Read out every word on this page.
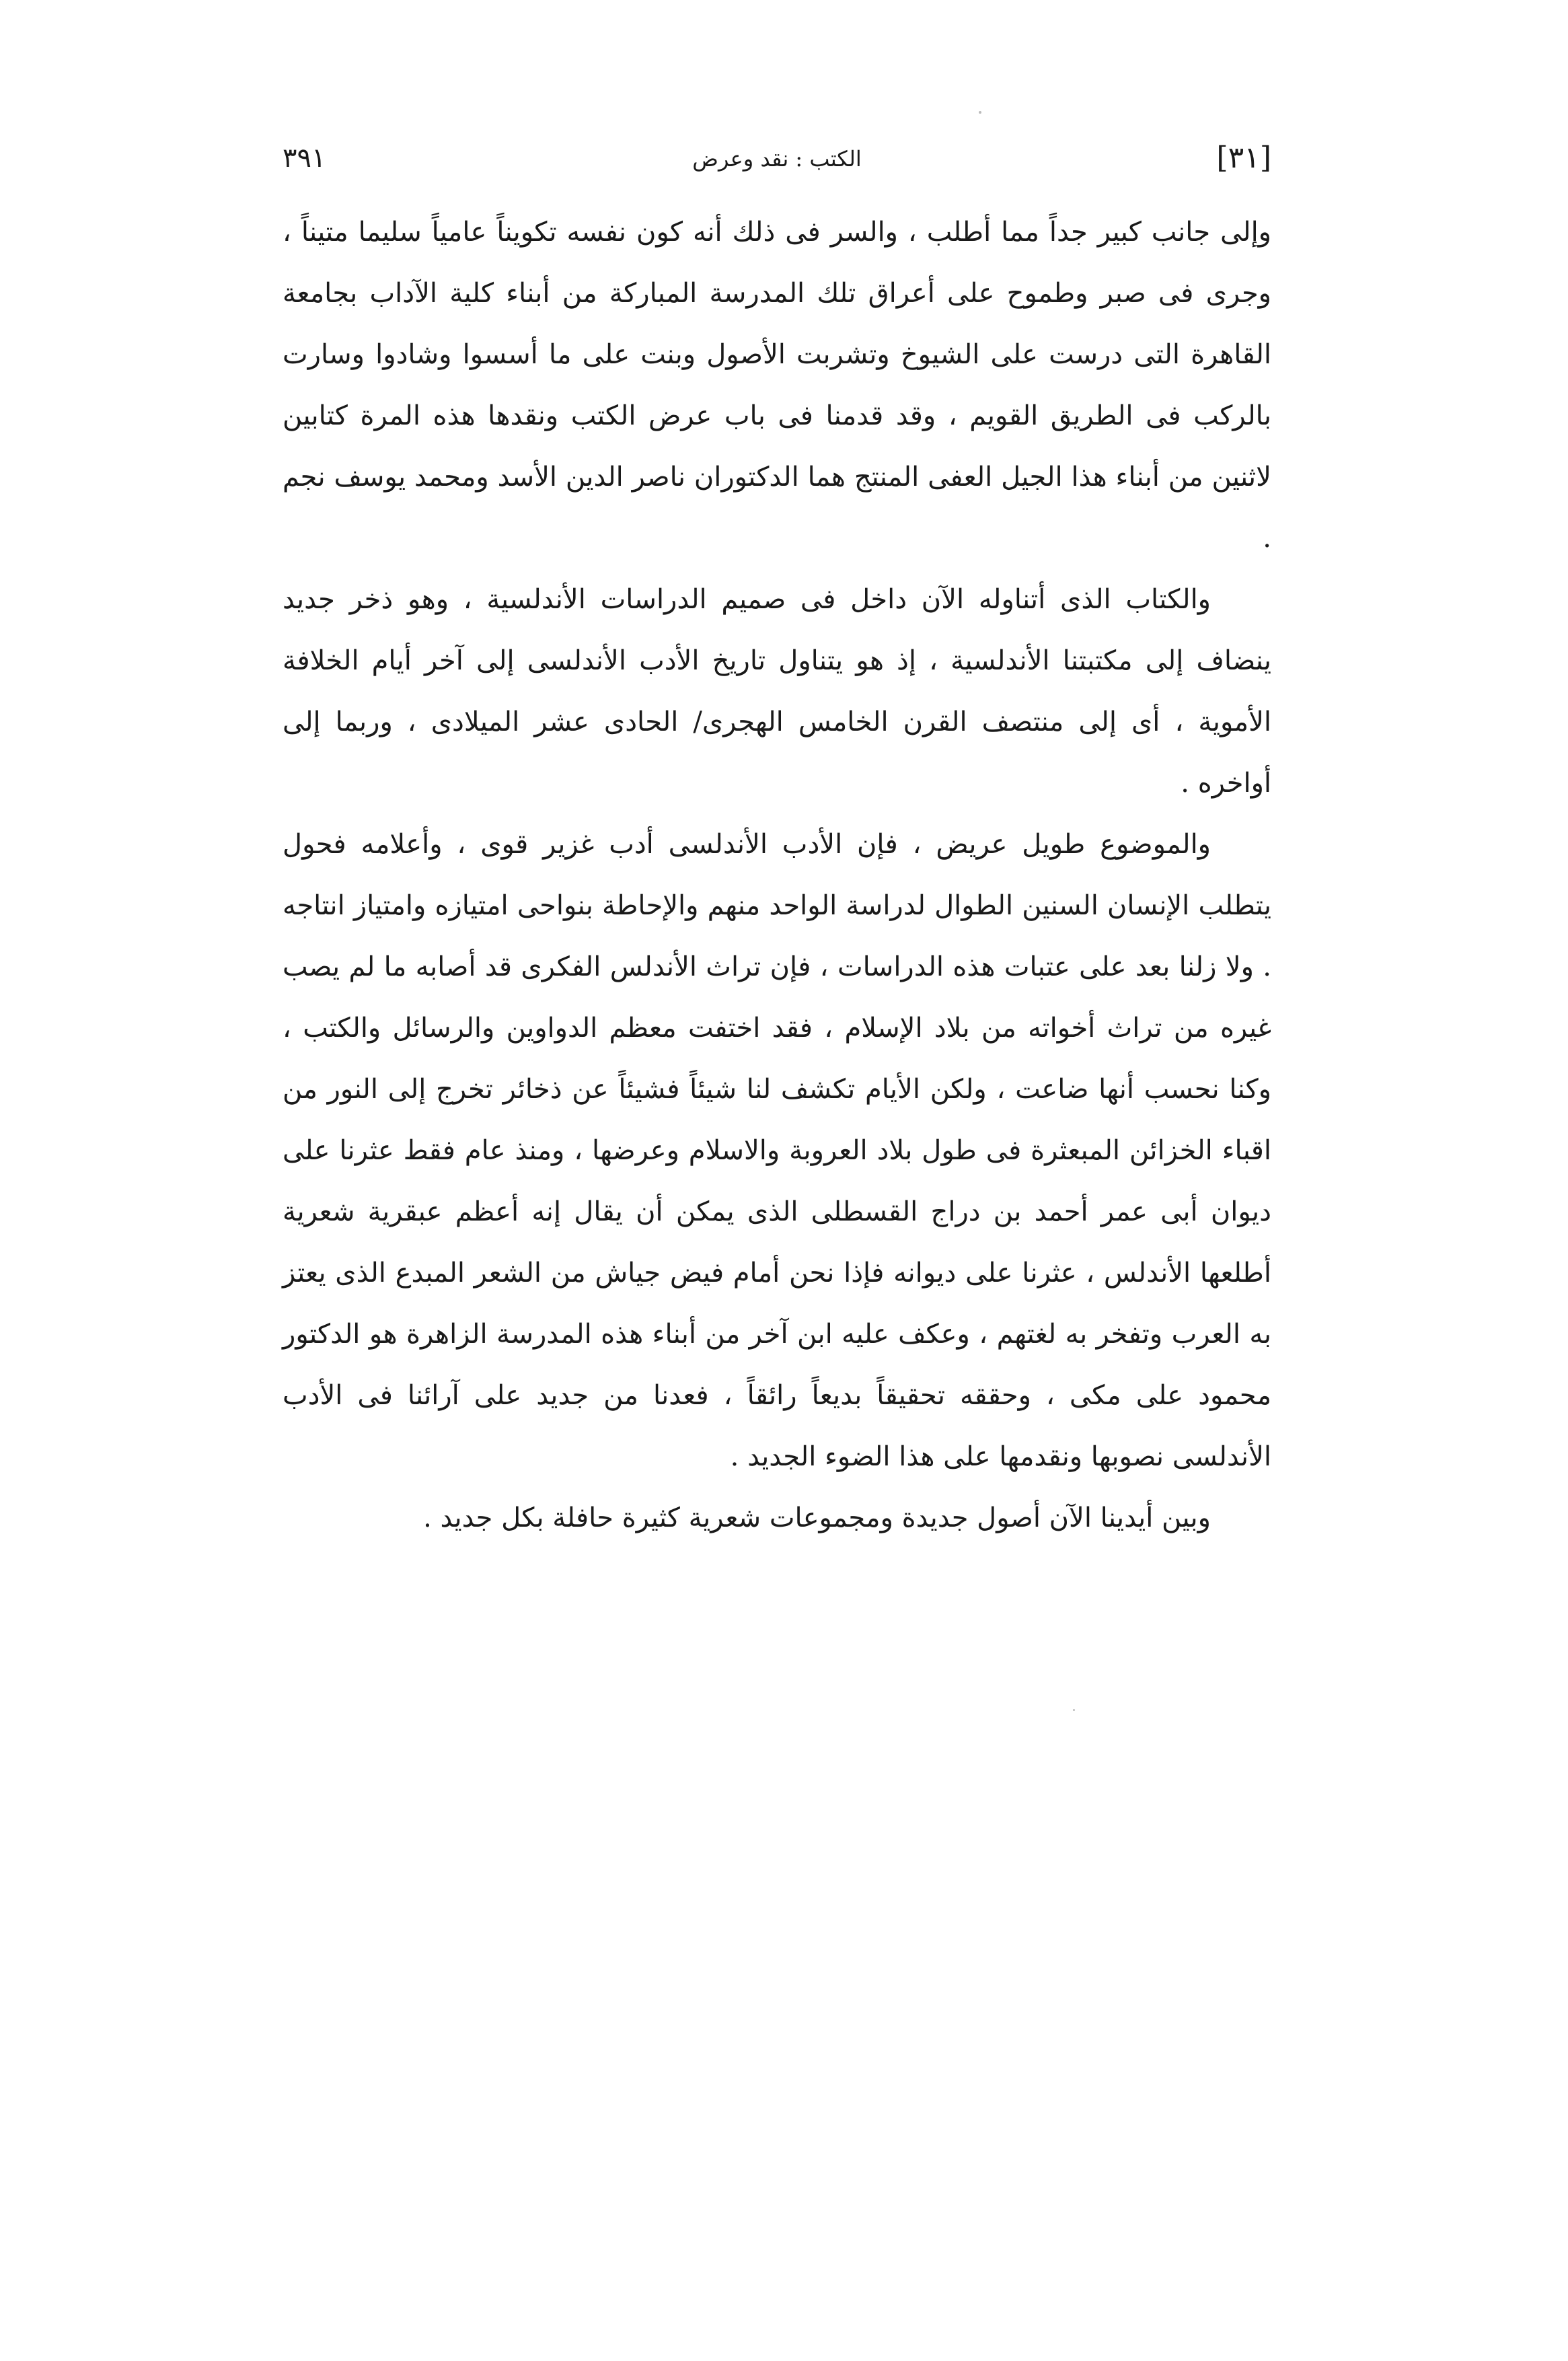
[٣١]
الكتب : نقد وعرض
٣٩١

وإلى جانب كبير جداً مما أطلب ، والسر فى ذلك أنه كون نفسه تكويناً عامياً سليما متيناً ، وجرى فى صبر وطموح على أعراق تلك المدرسة المباركة من أبناء كلية الآداب بجامعة القاهرة التى درست على الشيوخ وتشربت الأصول وبنت على ما أسسوا وشادوا وسارت بالركب فى الطريق القويم ، وقد قدمنا فى باب عرض الكتب ونقدها هذه المرة كتابين لاثنين من أبناء هذا الجيل العفى المنتج هما الدكتوران ناصر الدين الأسد ومحمد يوسف نجم .

والكتاب الذى أتناوله الآن داخل فى صميم الدراسات الأندلسية ، وهو ذخر جديد ينضاف إلى مكتبتنا الأندلسية ، إذ هو يتناول تاريخ الأدب الأندلسى إلى آخر أيام الخلافة الأموية ، أى إلى منتصف القرن الخامس الهجرى/ الحادى عشر الميلادى ، وربما إلى أواخره .

والموضوع طويل عريض ، فإن الأدب الأندلسى أدب غزير قوى ، وأعلامه فحول يتطلب الإنسان السنين الطوال لدراسة الواحد منهم والإحاطة بنواحى امتيازه وامتياز انتاجه . ولا زلنا بعد على عتبات هذه الدراسات ، فإن تراث الأندلس الفكرى قد أصابه ما لم يصب غيره من تراث أخواته من بلاد الإسلام ، فقد اختفت معظم الدواوين والرسائل والكتب ، وكنا نحسب أنها ضاعت ، ولكن الأيام تكشف لنا شيئاً فشيئاً عن ذخائر تخرج إلى النور من اقباء الخزائن المبعثرة فى طول بلاد العروبة والاسلام وعرضها ، ومنذ عام فقط عثرنا على ديوان أبى عمر أحمد بن دراج القسطلى الذى يمكن أن يقال إنه أعظم عبقرية شعرية أطلعها الأندلس ، عثرنا على ديوانه فإذا نحن أمام فيض جياش من الشعر المبدع الذى يعتز به العرب وتفخر به لغتهم ، وعكف عليه ابن آخر من أبناء هذه المدرسة الزاهرة هو الدكتور محمود على مكى ، وحققه تحقيقاً بديعاً رائقاً ، فعدنا من جديد على آرائنا فى الأدب الأندلسى نصوبها ونقدمها على هذا الضوء الجديد .

وبين أيدينا الآن أصول جديدة ومجموعات شعرية كثيرة حافلة بكل جديد .
